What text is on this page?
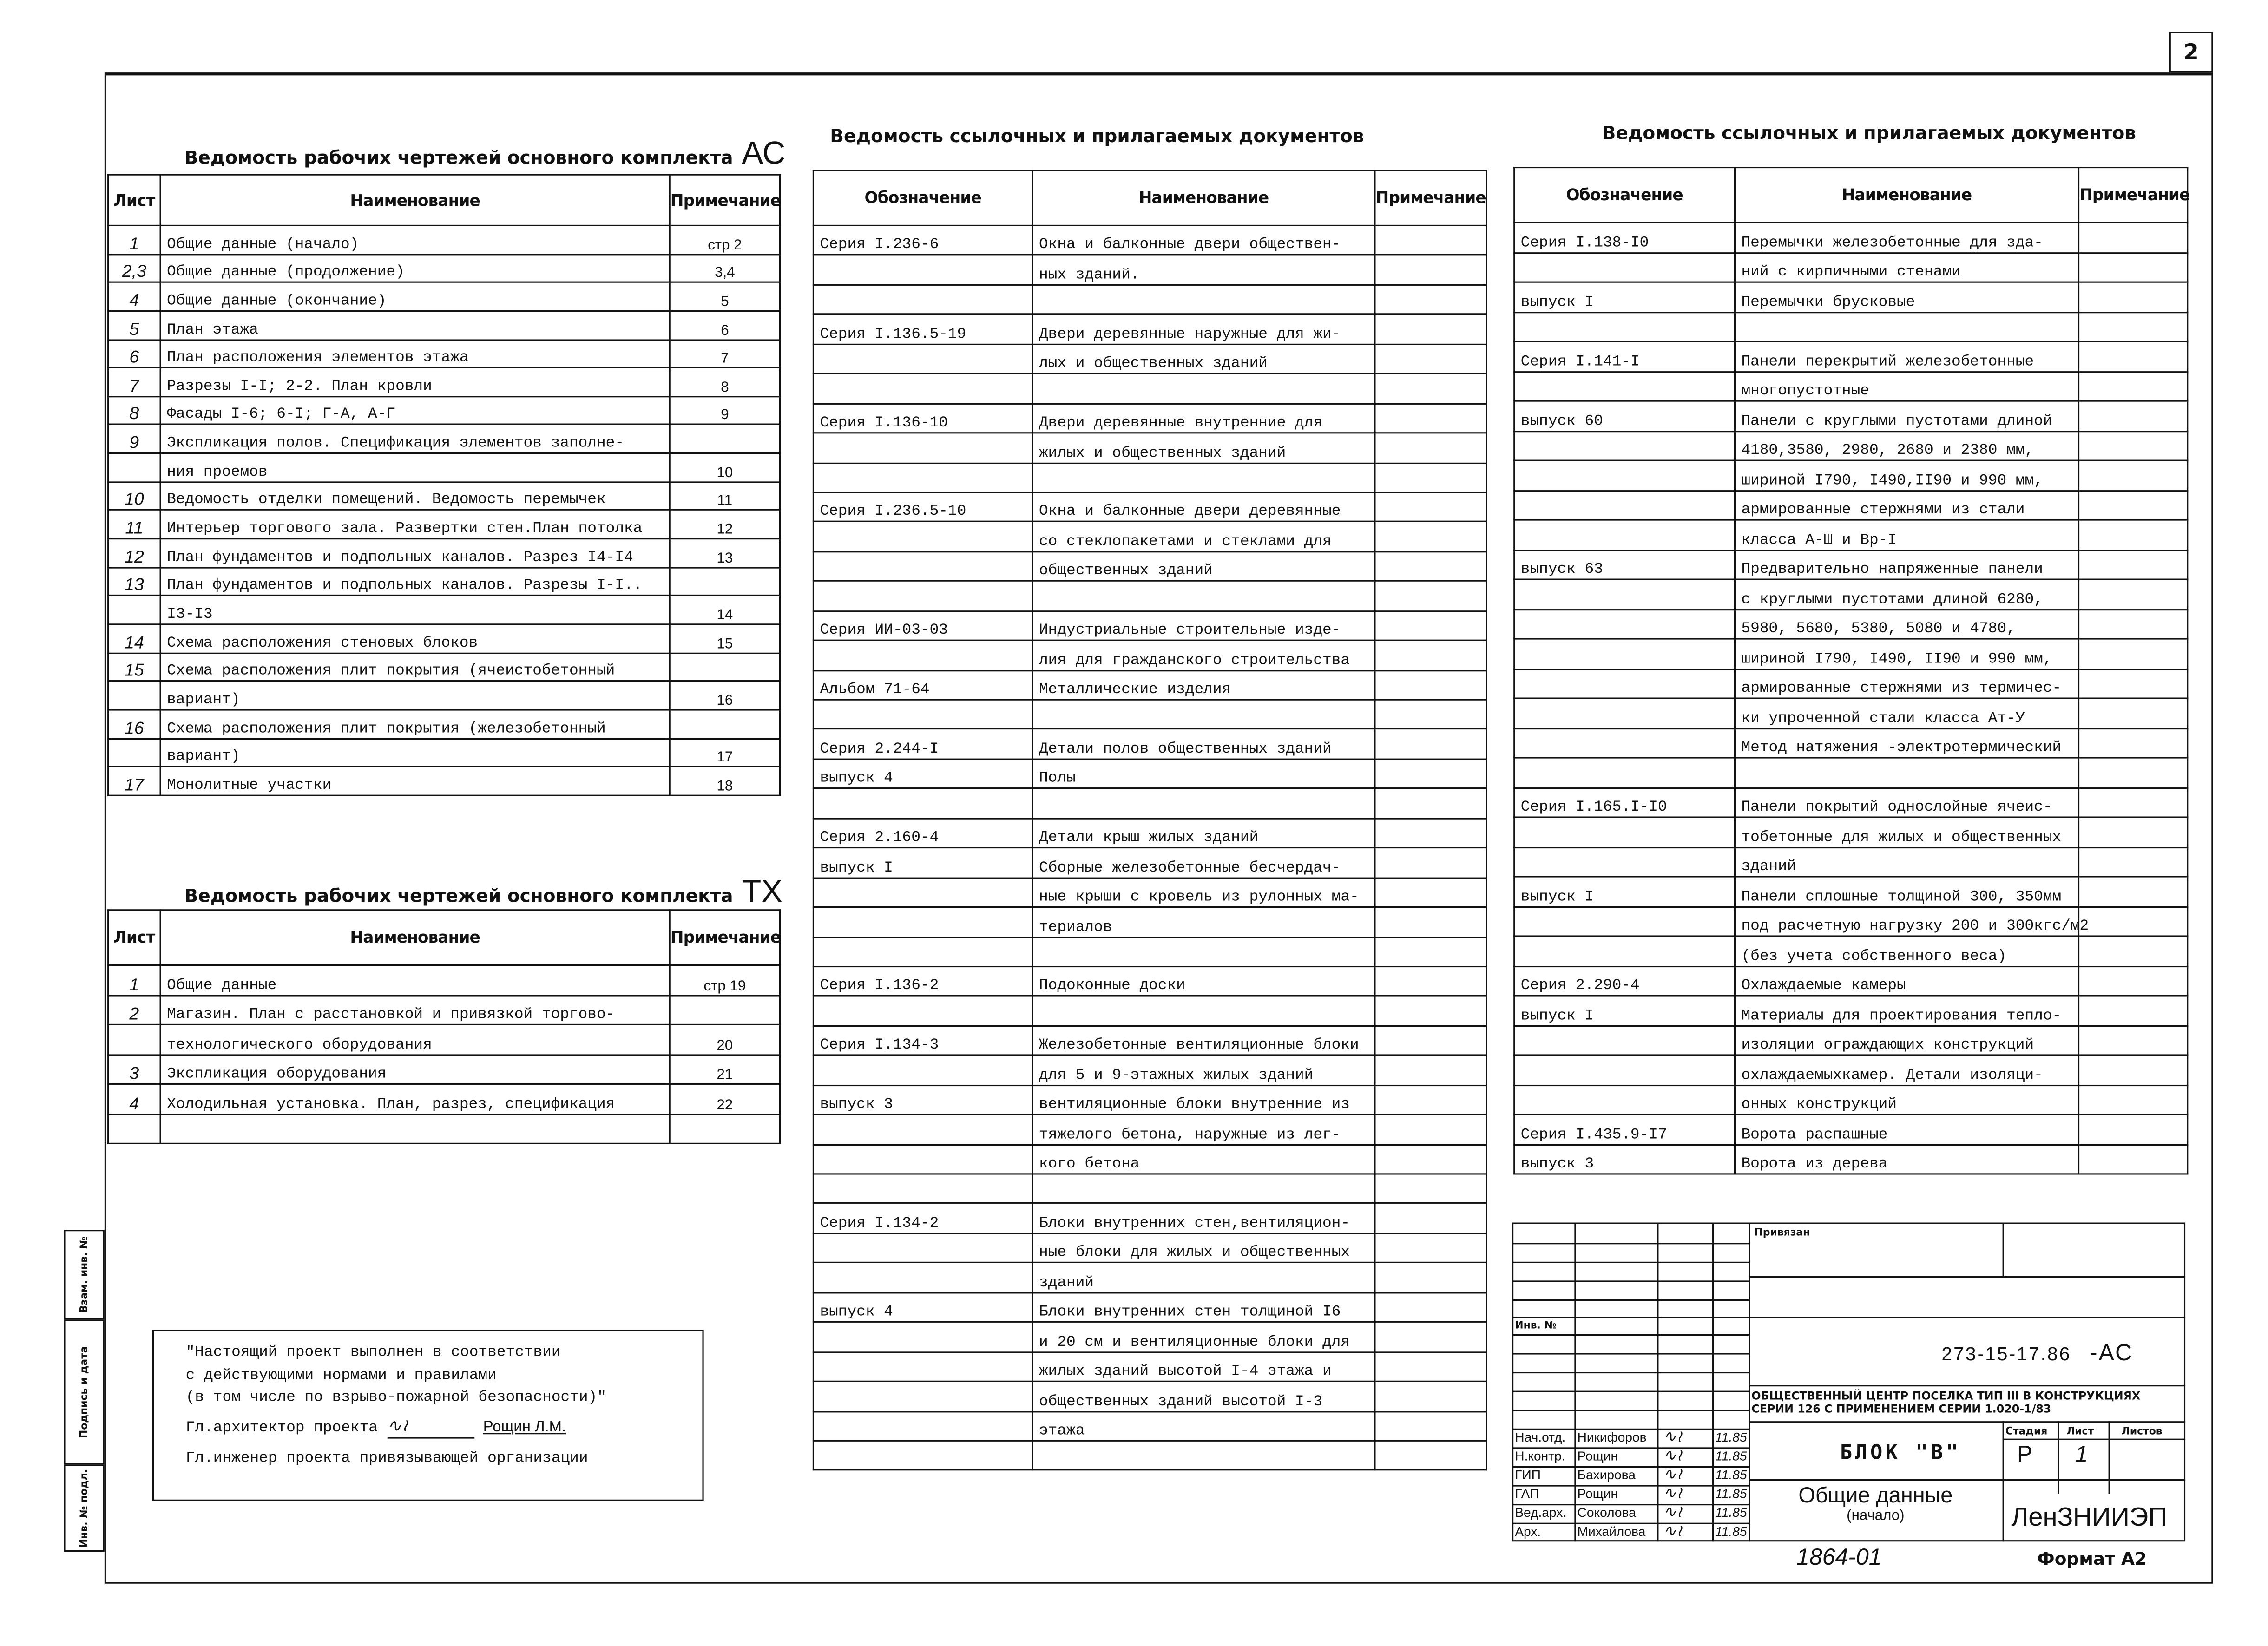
2
Взам. инв. №
Подпись и дата
Инв. № подл.
Ведомость рабочих чертежей основного комплекта АС
Лист	Наименование	Примечание
1	Общие данные (начало)	стр 2
2,3	Общие данные (продолжение)	3,4
4	Общие данные (окончание)	5
5	План этажа	6
6	План расположения элементов этажа	7
7	Разрезы I-I; 2-2. План кровли	8
8	Фасады I-6; 6-I; Г-А, А-Г	9
9	Экспликация полов. Спецификация элементов заполне-	
	ния проемов	10
10	Ведомость отделки помещений. Ведомость перемычек	11
11	Интерьер торгового зала. Развертки стен.План потолка	12
12	План фундаментов и подпольных каналов. Разрез I4-I4	13
13	План фундаментов и подпольных каналов. Разрезы I-I..	
	I3-I3	14
14	Схема расположения стеновых блоков	15
15	Схема расположения плит покрытия (ячеистобетонный	
	вариант)	16
16	Схема расположения плит покрытия (железобетонный	
	вариант)	17
17	Монолитные участки	18
Ведомость рабочих чертежей основного комплекта ТХ
Лист	Наименование	Примечание
1	Общие данные	стр 19
2	Магазин. План с расстановкой и привязкой торгово-	
	технологического оборудования	20
3	Экспликация оборудования	21
4	Холодильная установка. План, разрез, спецификация	22

Ведомость ссылочных и прилагаемых документов
Обозначение	Наименование	Примечание
Серия I.236-6	Окна и балконные двери обществен-	
	ных зданий.	

Серия I.136.5-19	Двери деревянные наружные для жи-	
	лых и общественных зданий	

Серия I.136-10	Двери деревянные внутренние для	
	жилых и общественных зданий	

Серия I.236.5-10	Окна и балконные двери деревянные	
	со стеклопакетами и стеклами для	
	общественных зданий	

Серия ИИ-03-03	Индустриальные строительные изде-	
	лия для гражданского строительства	
Альбом 71-64	Металлические изделия	

Серия 2.244-I	Детали полов общественных зданий	
выпуск 4	Полы	

Серия 2.160-4	Детали крыш жилых зданий	
выпуск I	Сборные железобетонные бесчердач-	
	ные крыши с кровель из рулонных ма-	
	териалов	

Серия I.136-2	Подоконные доски	

Серия I.134-3	Железобетонные вентиляционные блоки	
	для 5 и 9-этажных жилых зданий	
выпуск 3	вентиляционные блоки внутренние из	
	тяжелого бетона, наружные из лег-	
	кого бетона	

Серия I.134-2	Блоки внутренних стен,вентиляцион-	
	ные блоки для жилых и общественных	
	зданий	
выпуск 4	Блоки внутренних стен толщиной I6	
	и 20 см и вентиляционные блоки для	
	жилых зданий высотой I-4 этажа и	
	общественных зданий высотой I-3	
	этажа	

Ведомость ссылочных и прилагаемых документов
Обозначение	Наименование	Примечание
Серия I.138-I0	Перемычки железобетонные для зда-	
	ний с кирпичными стенами	
выпуск I	Перемычки брусковые	

Серия I.141-I	Панели перекрытий железобетонные	
	многопустотные	
выпуск 60	Панели с круглыми пустотами длиной	
	4180,3580, 2980, 2680 и 2380 мм,	
	шириной I790, I490,II90 и 990 мм,	
	армированные стержнями из стали	
	класса А-Ш и Вр-I	
выпуск 63	Предварительно напряженные панели	
	с круглыми пустотами длиной 6280,	
	5980, 5680, 5380, 5080 и 4780,	
	шириной I790, I490, II90 и 990 мм,	
	армированные стержнями из термичес-	
	ки упроченной стали класса Ат-У	
	Метод натяжения -электротермический	

Серия I.165.I-I0	Панели покрытий однослойные ячеис-	
	тобетонные для жилых и общественных	
	зданий	
выпуск I	Панели сплошные толщиной 300, 350мм	
	под расчетную нагрузку 200 и 300кгс/м2	
	(без учета собственного веса)	
Серия 2.290-4	Охлаждаемые камеры	
выпуск I	Материалы для проектирования тепло-	
	изоляции ограждающих конструкций	
	охлаждаемыхкамер. Детали изоляци-	
	онных конструкций	
Серия I.435.9-I7	Ворота распашные	
выпуск 3	Ворота из дерева	
"Настоящий проект выполнен в соответствии
с действующими нормами и правилами
(в том числе по взрыво-пожарной безопасности)"
Гл.архитектор проекта ∿≀	Рощин Л.М.
Гл.инженер проекта привязывающей организации
Инв. №
Нач.отд.	Никифоров	11.85
∿≀
Н.контр.	Рощин	11.85
∿≀
ГИП	Бахирова	11.85
∿≀
ГАП	Рощин	11.85
∿≀
Вед.арх.	Соколова	11.85
∿≀
Арх.	Михайлова	11.85
∿≀
Привязан
273-15-17.86 -АС
ОБЩЕСТВЕННЫЙ ЦЕНТР ПОСЕЛКА ТИП III В КОНСТРУКЦИЯХ
СЕРИИ 126 С ПРИМЕНЕНИЕМ СЕРИИ 1.020-1/83
Стадия	Лист	Листов
Р	1
БЛОК "В"
Общие данные
(начало)	ЛенЗНИИЭП
1864-01	Формат А2
